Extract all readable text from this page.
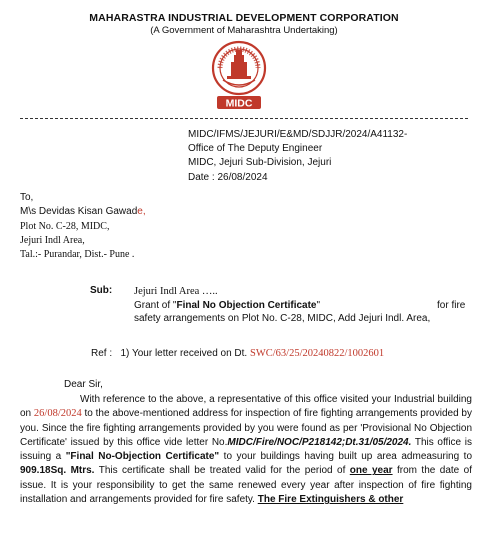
MAHARASTRA INDUSTRIAL DEVELOPMENT CORPORATION
(A Government of Maharashtra Undertaking)
MIDC
MIDC/IFMS/JEJURI/E&MD/SDJJR/2024/A41132-
Office of The Deputy Engineer
MIDC, Jejuri Sub-Division, Jejuri
Date : 26/08/2024
To,
M\s Devidas Kisan Gawade,
Plot No. C-28, MIDC,
Jejuri Indl Area,
Tal.:- Purandar, Dist.- Pune .
Sub: Jejuri Indl Area …..
Grant of "Final No Objection Certificate"	for fire
safety arrangements on Plot No. C-28, MIDC, Add Jejuri Indl. Area,
Ref : 1) Your letter received on Dt. SWC/63/25/20240822/1002601
Dear Sir,

With reference to the above, a representative of this office visited your Industrial building on 26/08/2024 to the above-mentioned address for inspection of fire fighting arrangements provided by you. Since the fire fighting arrangements provided by you were found as per 'Provisional No Objection Certificate' issued by this office vide letter No.MIDC/Fire/NOC/P218142;Dt.31/05/2024. This office is issuing a "Final No-Objection Certificate" to your buildings having built up area admeasuring to 909.18Sq. Mtrs. This certificate shall be treated valid for the period of one year from the date of issue. It is your responsibility to get the same renewed every year after inspection of fire fighting installation and arrangements provided for fire safety. The Fire Extinguishers & other
